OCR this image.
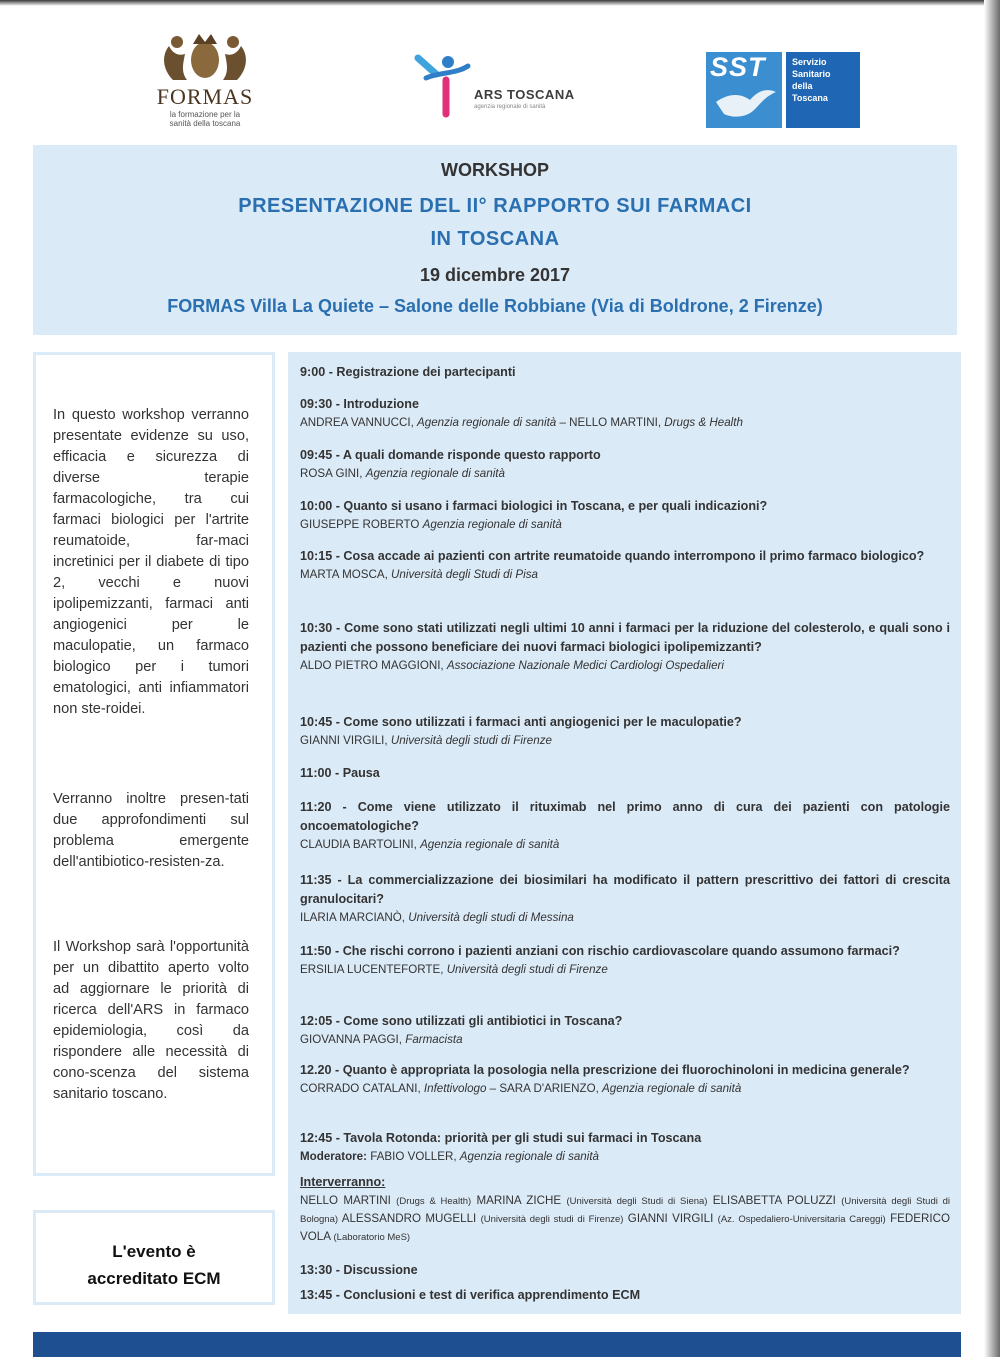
FORMAS
la formazione per la
sanità della toscana
ARS TOSCANA
agenzia regionale di sanità
SST	Servizio
Sanitario
della
Toscana
WORKSHOP
PRESENTAZIONE DEL II° RAPPORTO SUI FARMACI
IN TOSCANA
19 dicembre 2017
FORMAS Villa La Quiete – Salone delle Robbiane (Via di Boldrone, 2 Firenze)
In questo workshop verranno presentate evidenze su uso, efficacia e sicurezza di diverse terapie farmacologiche, tra cui farmaci biologici per l'artrite reumatoide, far-maci incretinici per il diabete di tipo 2, vecchi e nuovi ipolipemizzanti, farmaci anti angiogenici per le maculopatie, un farmaco biologico per i tumori ematologici, anti infiammatori non ste-roidei.
Verranno inoltre presen-tati due approfondimenti sul problema emergente dell'antibiotico-resisten-za.
Il Workshop sarà l'opportunità per un dibattito aperto volto ad aggiornare le priorità di ricerca dell'ARS in farmaco epidemiologia, così da rispondere alle necessità di cono-scenza del sistema sanitario toscano.
L'evento è
accreditato ECM
9:00 - Registrazione dei partecipanti
09:30 - Introduzione
ANDREA VANNUCCI, Agenzia regionale di sanità – NELLO MARTINI, Drugs & Health
09:45 - A quali domande risponde questo rapporto
ROSA GINI, Agenzia regionale di sanità
10:00 - Quanto si usano i farmaci biologici in Toscana, e per quali indicazioni?
GIUSEPPE ROBERTO Agenzia regionale di sanità
10:15 - Cosa accade ai pazienti con artrite reumatoide quando interrompono il primo farmaco biologico?
MARTA MOSCA, Università degli Studi di Pisa
10:30 - Come sono stati utilizzati negli ultimi 10 anni i farmaci per la riduzione del colesterolo, e quali sono i pazienti che possono beneficiare dei nuovi farmaci biologici ipolipemizzanti?
ALDO PIETRO MAGGIONI, Associazione Nazionale Medici Cardiologi Ospedalieri
10:45 - Come sono utilizzati i farmaci anti angiogenici per le maculopatie?
GIANNI VIRGILI, Università degli studi di Firenze
11:00 - Pausa
11:20 - Come viene utilizzato il rituximab nel primo anno di cura dei pazienti con patologie oncoematologiche?
CLAUDIA BARTOLINI, Agenzia regionale di sanità
11:35 - La commercializzazione dei biosimilari ha modificato il pattern prescrittivo dei fattori di crescita granulocitari?
ILARIA MARCIANÒ, Università degli studi di Messina
11:50 - Che rischi corrono i pazienti anziani con rischio cardiovascolare quando assumono farmaci?
ERSILIA LUCENTEFORTE, Università degli studi di Firenze
12:05 - Come sono utilizzati gli antibiotici in Toscana?
GIOVANNA PAGGI, Farmacista
12.20 - Quanto è appropriata la posologia nella prescrizione dei fluorochinoloni in medicina generale?
CORRADO CATALANI, Infettivologo – SARA D'ARIENZO, Agenzia regionale di sanità
12:45 - Tavola Rotonda: priorità per gli studi sui farmaci in Toscana
Moderatore: FABIO VOLLER, Agenzia regionale di sanità
Interverranno:
NELLO MARTINI (Drugs & Health) MARINA ZICHE (Università degli Studi di Siena) ELISABETTA POLUZZI (Università degli Studi di Bologna) ALESSANDRO MUGELLI (Università degli studi di Firenze) GIANNI VIRGILI (Az. Ospedaliero-Universitaria Careggi) FEDERICO VOLA (Laboratorio MeS)
13:30 - Discussione
13:45 - Conclusioni e test di verifica apprendimento ECM
